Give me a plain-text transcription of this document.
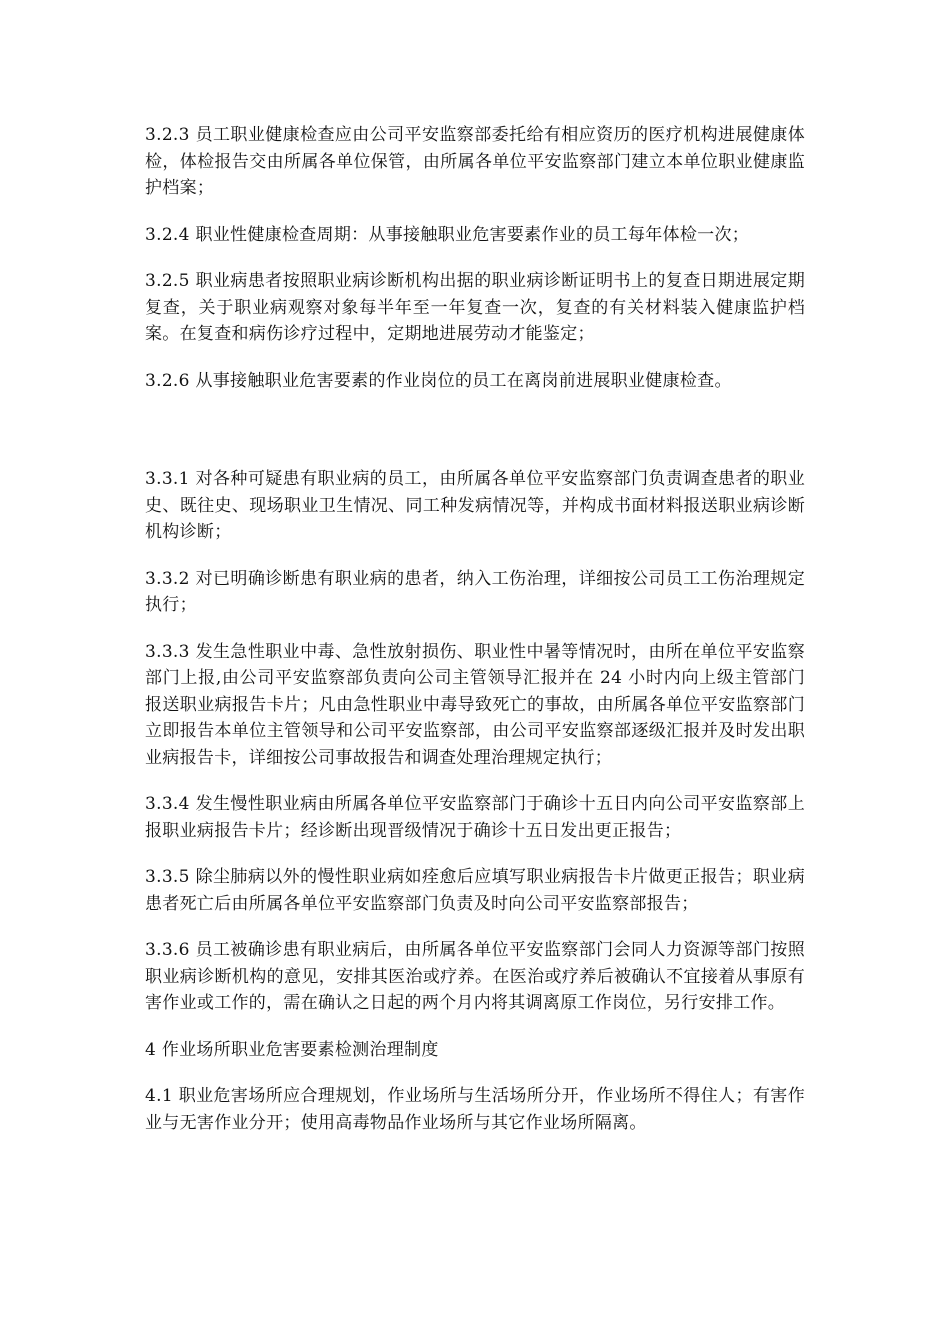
3.2.3 员工职业健康检查应由公司平安监察部委托给有相应资历的医疗机构进展健康体检，体检报告交由所属各单位保管，由所属各单位平安监察部门建立本单位职业健康监护档案；

3.2.4 职业性健康检查周期：从事接触职业危害要素作业的员工每年体检一次；

3.2.5 职业病患者按照职业病诊断机构出据的职业病诊断证明书上的复查日期进展定期复查，关于职业病观察对象每半年至一年复查一次，复查的有关材料装入健康监护档案。在复查和病伤诊疗过程中，定期地进展劳动才能鉴定；

3.2.6 从事接触职业危害要素的作业岗位的员工在离岗前进展职业健康检查。

3.3.1 对各种可疑患有职业病的员工，由所属各单位平安监察部门负责调查患者的职业史、既往史、现场职业卫生情况、同工种发病情况等，并构成书面材料报送职业病诊断机构诊断；

3.3.2 对已明确诊断患有职业病的患者，纳入工伤治理，详细按公司员工工伤治理规定执行；

3.3.3 发生急性职业中毒、急性放射损伤、职业性中暑等情况时，由所在单位平安监察部门上报,由公司平安监察部负责向公司主管领导汇报并在 24 小时内向上级主管部门报送职业病报告卡片；凡由急性职业中毒导致死亡的事故，由所属各单位平安监察部门立即报告本单位主管领导和公司平安监察部，由公司平安监察部逐级汇报并及时发出职业病报告卡，详细按公司事故报告和调查处理治理规定执行；

3.3.4 发生慢性职业病由所属各单位平安监察部门于确诊十五日内向公司平安监察部上报职业病报告卡片；经诊断出现晋级情况于确诊十五日发出更正报告；

3.3.5 除尘肺病以外的慢性职业病如痊愈后应填写职业病报告卡片做更正报告；职业病患者死亡后由所属各单位平安监察部门负责及时向公司平安监察部报告；

3.3.6 员工被确诊患有职业病后，由所属各单位平安监察部门会同人力资源等部门按照职业病诊断机构的意见，安排其医治或疗养。在医治或疗养后被确认不宜接着从事原有害作业或工作的，需在确认之日起的两个月内将其调离原工作岗位，另行安排工作。

4 作业场所职业危害要素检测治理制度

4.1 职业危害场所应合理规划，作业场所与生活场所分开，作业场所不得住人；有害作业与无害作业分开；使用高毒物品作业场所与其它作业场所隔离。
